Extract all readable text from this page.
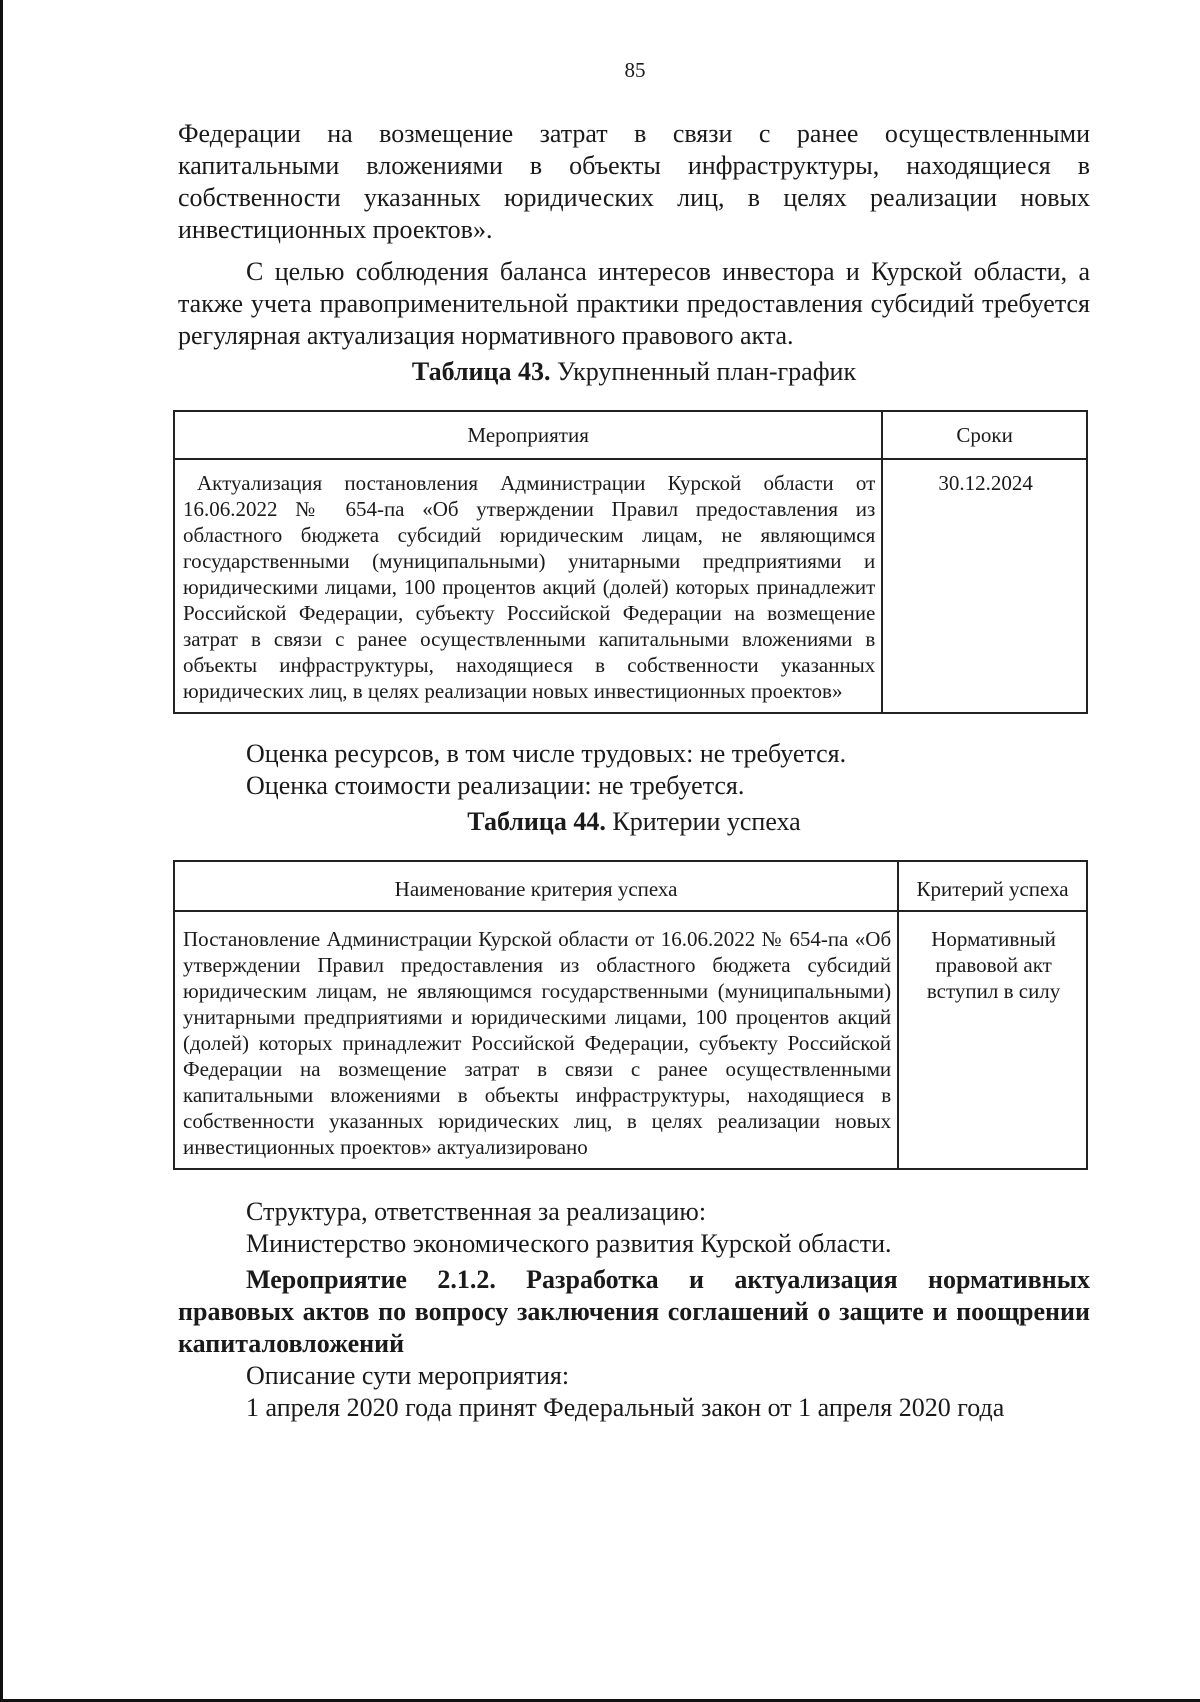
85

Федерации на возмещение затрат в связи с ранее осуществленными капитальными вложениями в объекты инфраструктуры, находящиеся в собственности указанных юридических лиц, в целях реализации новых инвестиционных проектов».

С целью соблюдения баланса интересов инвестора и Курской области, а также учета правоприменительной практики предоставления субсидий требуется регулярная актуализация нормативного правового акта.

Таблица 43. Укрупненный план-график
Мероприятия	Сроки
Актуализация постановления Администрации Курской области от 16.06.2022 № 654-па «Об утверждении Правил предоставления из областного бюджета субсидий юридическим лицам, не являющимся государственными (муниципальными) унитарными предприятиями и юридическими лицами, 100 процентов акций (долей) которых принадлежит Российской Федерации, субъекту Российской Федерации на возмещение затрат в связи с ранее осуществленными капитальными вложениями в объекты инфраструктуры, находящиеся в собственности указанных юридических лиц, в целях реализации новых инвестиционных проектов»	30.12.2024

Оценка ресурсов, в том числе трудовых: не требуется.

Оценка стоимости реализации: не требуется.

Таблица 44. Критерии успеха
Наименование критерия успеха	Критерий успеха
Постановление Администрации Курской области от 16.06.2022 № 654-па «Об утверждении Правил предоставления из областного бюджета субсидий юридическим лицам, не являющимся государственными (муниципальными) унитарными предприятиями и юридическими лицами, 100 процентов акций (долей) которых принадлежит Российской Федерации, субъекту Российской Федерации на возмещение затрат в связи с ранее осуществленными капитальными вложениями в объекты инфраструктуры, находящиеся в собственности указанных юридических лиц, в целях реализации новых инвестиционных проектов» актуализировано	Нормативный правовой акт вступил в силу

Структура, ответственная за реализацию:

Министерство экономического развития Курской области.

Мероприятие 2.1.2. Разработка и актуализация нормативных правовых актов по вопросу заключения соглашений о защите и поощрении капиталовложений

Описание сути мероприятия:

1 апреля 2020 года принят Федеральный закон от 1 апреля 2020 года
